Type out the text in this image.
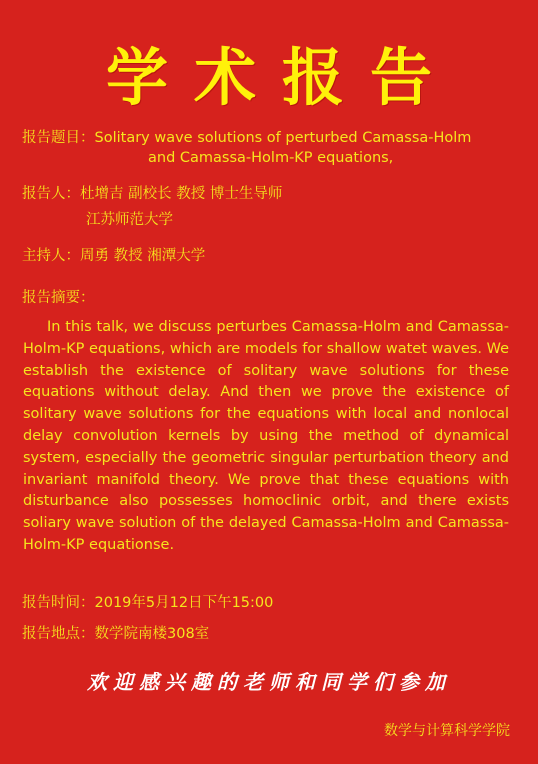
学术报告
报告题目：Solitary wave solutions of perturbed Camassa-Holm
and Camassa-Holm-KP equations,
报告人：杜增吉 副校长 教授 博士生导师
江苏师范大学
主持人：周勇 教授 湘潭大学
报告摘要：
In this talk, we discuss perturbes Camassa-Holm and Camassa-Holm-KP equations, which are models for shallow watet waves. We establish the existence of solitary wave solutions for these equations without delay. And then we prove the existence of solitary wave solutions for the equations with local and nonlocal delay convolution kernels by using the method of dynamical system, especially the geometric singular perturbation theory and invariant manifold theory. We prove that these equations with disturbance also possesses homoclinic orbit, and there exists soliary wave solution of the delayed Camassa-Holm and Camassa-Holm-KP equationse.
报告时间：2019年5月12日下午15:00
报告地点：数学院南楼308室
欢迎感兴趣的老师和同学们参加
数学与计算科学学院
